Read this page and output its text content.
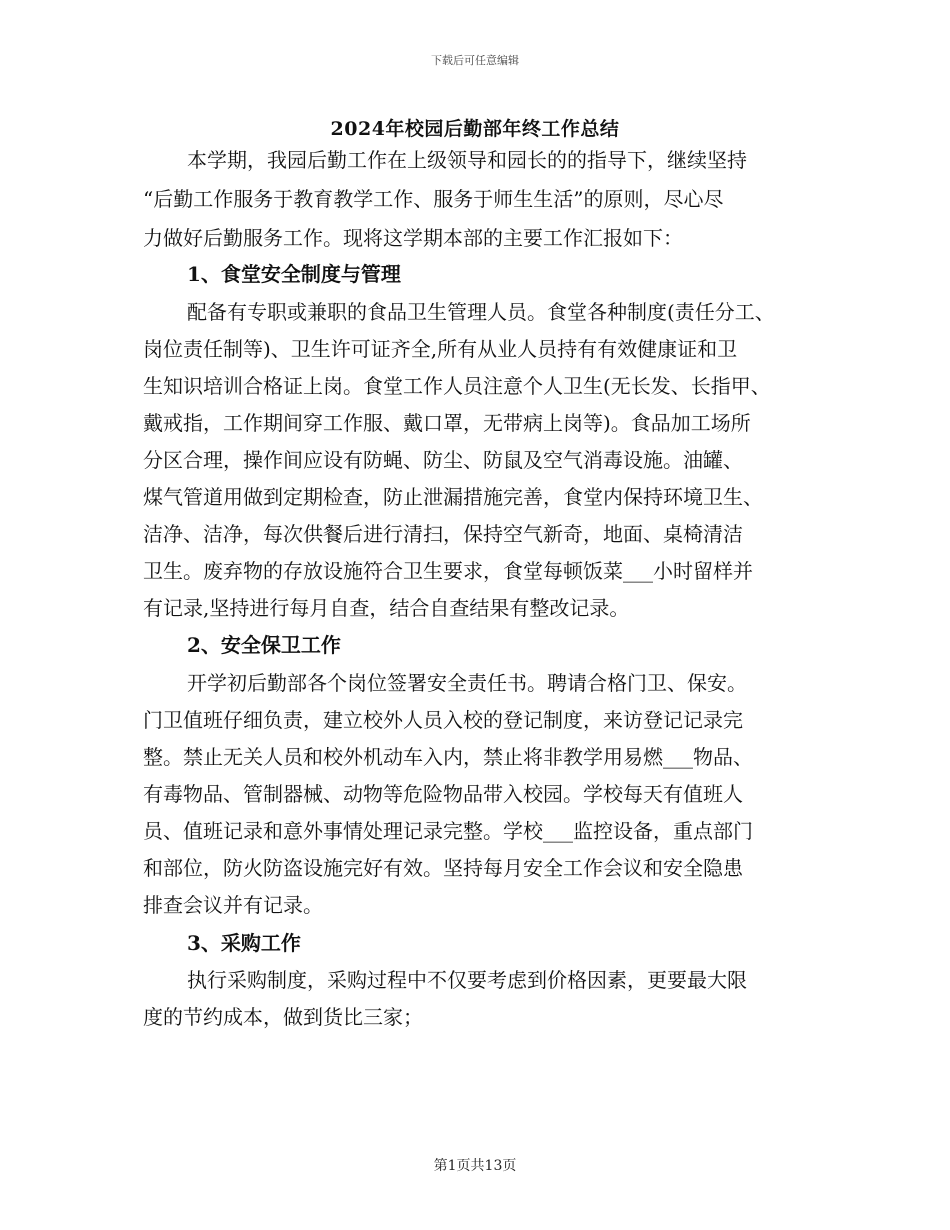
下载后可任意编辑
2024年校园后勤部年终工作总结
本学期，我园后勤工作在上级领导和园长的的指导下，继续坚持
“后勤工作服务于教育教学工作、服务于师生生活”的原则，尽心尽
力做好后勤服务工作。现将这学期本部的主要工作汇报如下：
1、食堂安全制度与管理
配备有专职或兼职的食品卫生管理人员。食堂各种制度(责任分工、
岗位责任制等)、卫生许可证齐全,所有从业人员持有有效健康证和卫
生知识培训合格证上岗。食堂工作人员注意个人卫生(无长发、长指甲、
戴戒指，工作期间穿工作服、戴口罩，无带病上岗等)。食品加工场所
分区合理，操作间应设有防蝇、防尘、防鼠及空气消毒设施。油罐、
煤气管道用做到定期检查，防止泄漏措施完善，食堂内保持环境卫生、
洁净、洁净，每次供餐后进行清扫，保持空气新奇，地面、桌椅清洁
卫生。废弃物的存放设施符合卫生要求，食堂每顿饭菜___小时留样并
有记录,坚持进行每月自查，结合自查结果有整改记录。
2、安全保卫工作
开学初后勤部各个岗位签署安全责任书。聘请合格门卫、保安。
门卫值班仔细负责，建立校外人员入校的登记制度，来访登记记录完
整。禁止无关人员和校外机动车入内，禁止将非教学用易燃___物品、
有毒物品、管制器械、动物等危险物品带入校园。学校每天有值班人
员、值班记录和意外事情处理记录完整。学校___监控设备，重点部门
和部位，防火防盗设施完好有效。坚持每月安全工作会议和安全隐患
排查会议并有记录。
3、采购工作
执行采购制度，采购过程中不仅要考虑到价格因素，更要最大限
度的节约成本，做到货比三家；
第1页共13页
